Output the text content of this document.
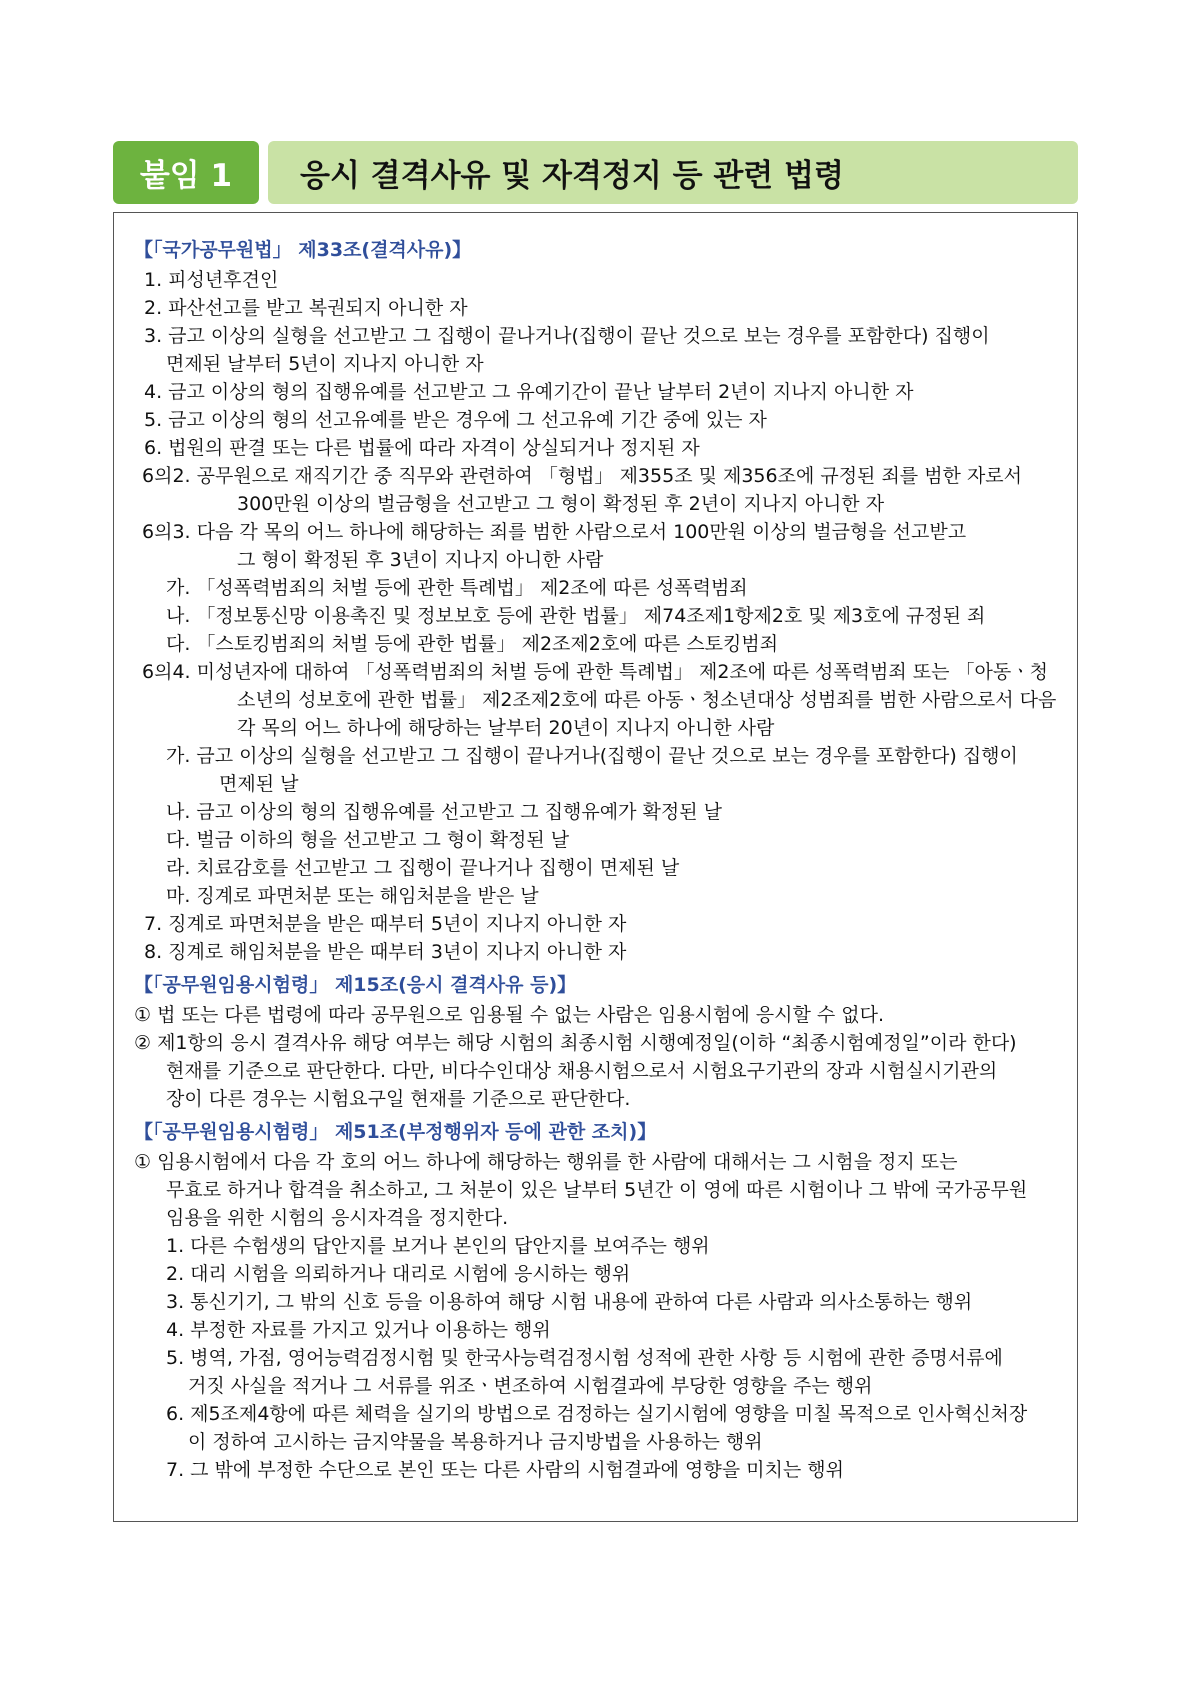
붙임 1	응시 결격사유 및 자격정지 등 관련 법령
【「국가공무원법」 제33조(결격사유)】
1. 피성년후견인
2. 파산선고를 받고 복권되지 아니한 자
3. 금고 이상의 실형을 선고받고 그 집행이 끝나거나(집행이 끝난 것으로 보는 경우를 포함한다) 집행이
면제된 날부터 5년이 지나지 아니한 자
4. 금고 이상의 형의 집행유예를 선고받고 그 유예기간이 끝난 날부터 2년이 지나지 아니한 자
5. 금고 이상의 형의 선고유예를 받은 경우에 그 선고유예 기간 중에 있는 자
6. 법원의 판결 또는 다른 법률에 따라 자격이 상실되거나 정지된 자
6의2. 공무원으로 재직기간 중 직무와 관련하여 「형법」 제355조 및 제356조에 규정된 죄를 범한 자로서
300만원 이상의 벌금형을 선고받고 그 형이 확정된 후 2년이 지나지 아니한 자
6의3. 다음 각 목의 어느 하나에 해당하는 죄를 범한 사람으로서 100만원 이상의 벌금형을 선고받고
그 형이 확정된 후 3년이 지나지 아니한 사람
가. 「성폭력범죄의 처벌 등에 관한 특례법」 제2조에 따른 성폭력범죄
나. 「정보통신망 이용촉진 및 정보보호 등에 관한 법률」 제74조제1항제2호 및 제3호에 규정된 죄
다. 「스토킹범죄의 처벌 등에 관한 법률」 제2조제2호에 따른 스토킹범죄
6의4. 미성년자에 대하여 「성폭력범죄의 처벌 등에 관한 특례법」 제2조에 따른 성폭력범죄 또는 「아동ㆍ청
소년의 성보호에 관한 법률」 제2조제2호에 따른 아동ㆍ청소년대상 성범죄를 범한 사람으로서 다음
각 목의 어느 하나에 해당하는 날부터 20년이 지나지 아니한 사람
가. 금고 이상의 실형을 선고받고 그 집행이 끝나거나(집행이 끝난 것으로 보는 경우를 포함한다) 집행이
면제된 날
나. 금고 이상의 형의 집행유예를 선고받고 그 집행유예가 확정된 날
다. 벌금 이하의 형을 선고받고 그 형이 확정된 날
라. 치료감호를 선고받고 그 집행이 끝나거나 집행이 면제된 날
마. 징계로 파면처분 또는 해임처분을 받은 날
7. 징계로 파면처분을 받은 때부터 5년이 지나지 아니한 자
8. 징계로 해임처분을 받은 때부터 3년이 지나지 아니한 자
【「공무원임용시험령」 제15조(응시 결격사유 등)】
① 법 또는 다른 법령에 따라 공무원으로 임용될 수 없는 사람은 임용시험에 응시할 수 없다.
② 제1항의 응시 결격사유 해당 여부는 해당 시험의 최종시험 시행예정일(이하 “최종시험예정일”이라 한다)
현재를 기준으로 판단한다. 다만, 비다수인대상 채용시험으로서 시험요구기관의 장과 시험실시기관의
장이 다른 경우는 시험요구일 현재를 기준으로 판단한다.
【「공무원임용시험령」 제51조(부정행위자 등에 관한 조치)】
① 임용시험에서 다음 각 호의 어느 하나에 해당하는 행위를 한 사람에 대해서는 그 시험을 정지 또는
무효로 하거나 합격을 취소하고, 그 처분이 있은 날부터 5년간 이 영에 따른 시험이나 그 밖에 국가공무원
임용을 위한 시험의 응시자격을 정지한다.
1. 다른 수험생의 답안지를 보거나 본인의 답안지를 보여주는 행위
2. 대리 시험을 의뢰하거나 대리로 시험에 응시하는 행위
3. 통신기기, 그 밖의 신호 등을 이용하여 해당 시험 내용에 관하여 다른 사람과 의사소통하는 행위
4. 부정한 자료를 가지고 있거나 이용하는 행위
5. 병역, 가점, 영어능력검정시험 및 한국사능력검정시험 성적에 관한 사항 등 시험에 관한 증명서류에
거짓 사실을 적거나 그 서류를 위조ㆍ변조하여 시험결과에 부당한 영향을 주는 행위
6. 제5조제4항에 따른 체력을 실기의 방법으로 검정하는 실기시험에 영향을 미칠 목적으로 인사혁신처장
이 정하여 고시하는 금지약물을 복용하거나 금지방법을 사용하는 행위
7. 그 밖에 부정한 수단으로 본인 또는 다른 사람의 시험결과에 영향을 미치는 행위
